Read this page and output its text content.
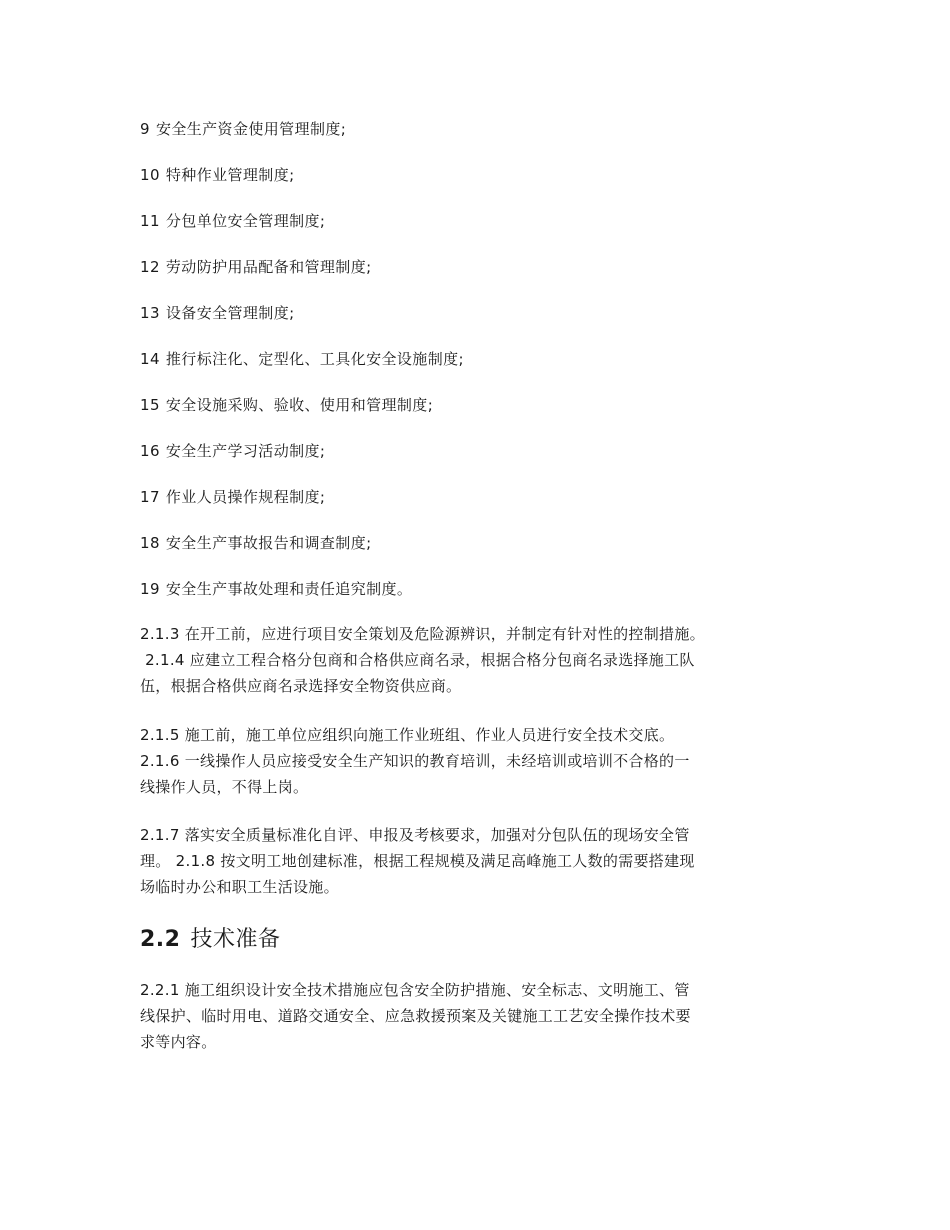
9 安全生产资金使用管理制度;
10 特种作业管理制度;
11 分包单位安全管理制度;
12 劳动防护用品配备和管理制度;
13 设备安全管理制度;
14 推行标注化、定型化、工具化安全设施制度;
15 安全设施采购、验收、使用和管理制度;
16 安全生产学习活动制度;
17 作业人员操作规程制度;
18 安全生产事故报告和调查制度;
19 安全生产事故处理和责任追究制度。
2.1.3 在开工前，应进行项目安全策划及危险源辨识，并制定有针对性的控制措施。
2.1.4 应建立工程合格分包商和合格供应商名录，根据合格分包商名录选择施工队
伍，根据合格供应商名录选择安全物资供应商。
2.1.5 施工前，施工单位应组织向施工作业班组、作业人员进行安全技术交底。
2.1.6 一线操作人员应接受安全生产知识的教育培训，未经培训或培训不合格的一
线操作人员，不得上岗。
2.1.7 落实安全质量标准化自评、申报及考核要求，加强对分包队伍的现场安全管
理。 2.1.8 按文明工地创建标准，根据工程规模及满足高峰施工人数的需要搭建现
场临时办公和职工生活设施。
2.2 技术准备
2.2.1 施工组织设计安全技术措施应包含安全防护措施、安全标志、文明施工、管
线保护、临时用电、道路交通安全、应急救援预案及关键施工工艺安全操作技术要
求等内容。
